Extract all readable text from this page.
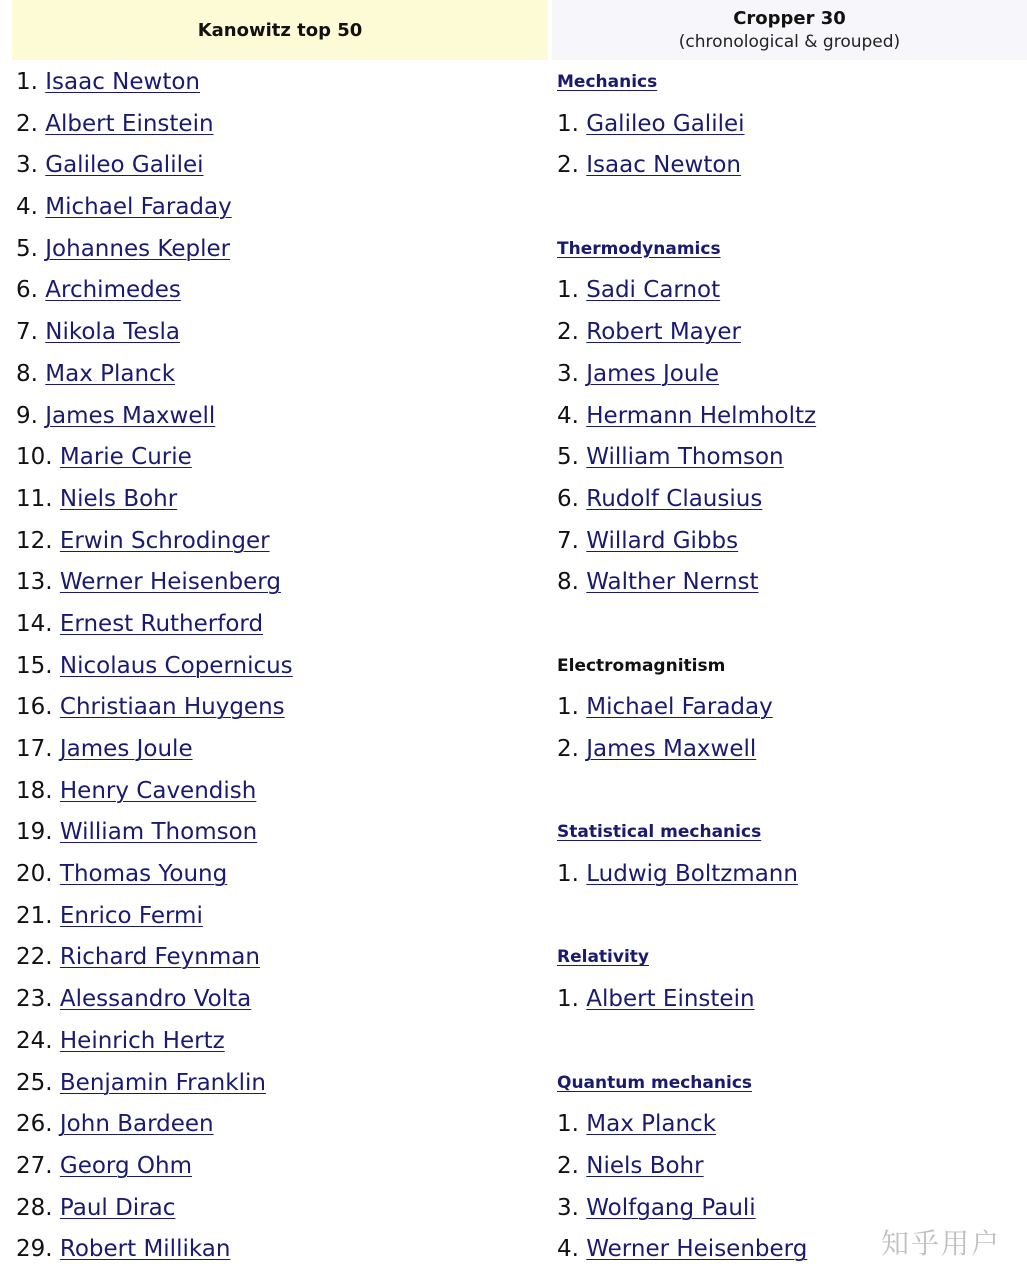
Kanowitz top 50
Cropper 30
(chronological & grouped)
1. Isaac Newton
2. Albert Einstein
3. Galileo Galilei
4. Michael Faraday
5. Johannes Kepler
6. Archimedes
7. Nikola Tesla
8. Max Planck
9. James Maxwell
10. Marie Curie
11. Niels Bohr
12. Erwin Schrodinger
13. Werner Heisenberg
14. Ernest Rutherford
15. Nicolaus Copernicus
16. Christiaan Huygens
17. James Joule
18. Henry Cavendish
19. William Thomson
20. Thomas Young
21. Enrico Fermi
22. Richard Feynman
23. Alessandro Volta
24. Heinrich Hertz
25. Benjamin Franklin
26. John Bardeen
27. Georg Ohm
28. Paul Dirac
29. Robert Millikan
Mechanics
1. Galileo Galilei
2. Isaac Newton
Thermodynamics
1. Sadi Carnot
2. Robert Mayer
3. James Joule
4. Hermann Helmholtz
5. William Thomson
6. Rudolf Clausius
7. Willard Gibbs
8. Walther Nernst
Electromagnitism
1. Michael Faraday
2. James Maxwell
Statistical mechanics
1. Ludwig Boltzmann
Relativity
1. Albert Einstein
Quantum mechanics
1. Max Planck
2. Niels Bohr
3. Wolfgang Pauli
4. Werner Heisenberg	知乎用户
